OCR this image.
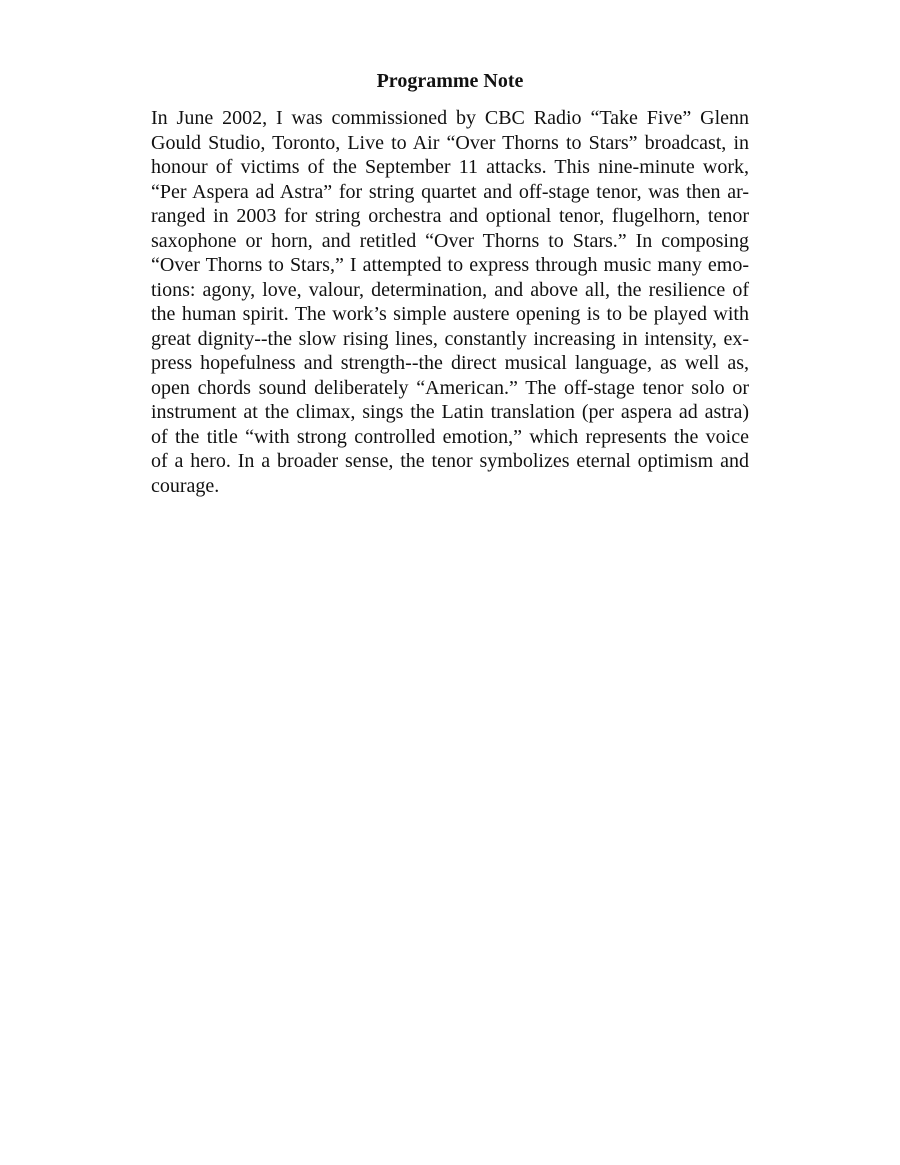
Programme Note
In June 2002, I was commissioned by CBC Radio “Take Five” Glenn
Gould Studio, Toronto, Live to Air “Over Thorns to Stars” broadcast, in
honour of victims of the September 11 attacks. This nine-minute work,
“Per Aspera ad Astra” for string quartet and off-stage tenor, was then ar-
ranged in 2003 for string orchestra and optional tenor, flugelhorn, tenor
saxophone or horn, and retitled “Over Thorns to Stars.” In composing
“Over Thorns to Stars,” I attempted to express through music many emo-
tions: agony, love, valour, determination, and above all, the resilience of
the human spirit. The work’s simple austere opening is to be played with
great dignity--the slow rising lines, constantly increasing in intensity, ex-
press hopefulness and strength--the direct musical language, as well as,
open chords sound deliberately “American.” The off-stage tenor solo or
instrument at the climax, sings the Latin translation (per aspera ad astra)
of the title “with strong controlled emotion,” which represents the voice
of a hero. In a broader sense, the tenor symbolizes eternal optimism and
courage.
